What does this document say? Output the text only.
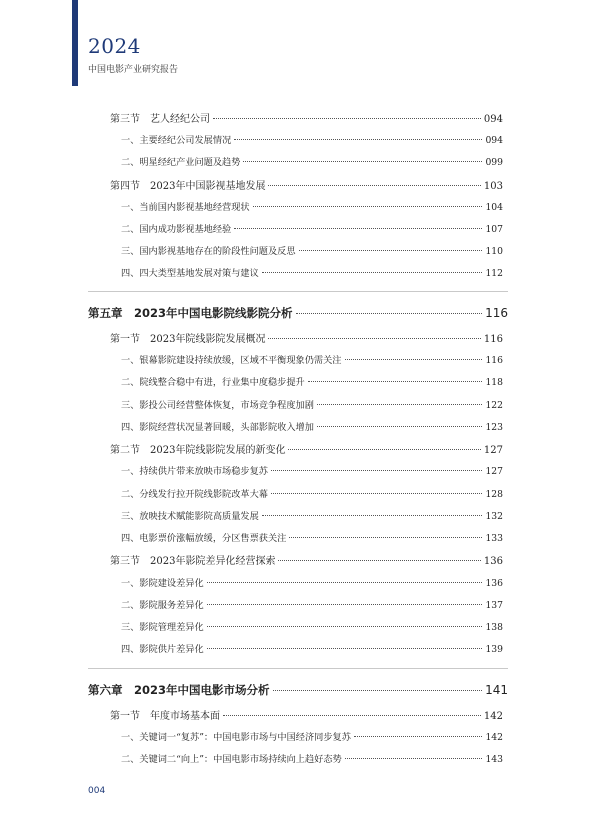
2024
中国电影产业研究报告
第三节　艺人经纪公司	094
一、主要经纪公司发展情况	094
二、明星经纪产业问题及趋势	099
第四节　2023年中国影视基地发展	103
一、当前国内影视基地经营现状	104
二、国内成功影视基地经验	107
三、国内影视基地存在的阶段性问题及反思	110
四、四大类型基地发展对策与建议	112
第五章　2023年中国电影院线影院分析	116
第一节　2023年院线影院发展概况	116
一、银幕影院建设持续放缓，区域不平衡现象仍需关注	116
二、院线整合稳中有进，行业集中度稳步提升	118
三、影投公司经营整体恢复，市场竞争程度加剧	122
四、影院经营状况显著回暖，头部影院收入增加	123
第二节　2023年院线影院发展的新变化	127
一、持续供片带来放映市场稳步复苏	127
二、分线发行拉开院线影院改革大幕	128
三、放映技术赋能影院高质量发展	132
四、电影票价涨幅放缓，分区售票获关注	133
第三节　2023年影院差异化经营探索	136
一、影院建设差异化	136
二、影院服务差异化	137
三、影院管理差异化	138
四、影院供片差异化	139
第六章　2023年中国电影市场分析	141
第一节　年度市场基本面	142
一、关键词一“复苏”：中国电影市场与中国经济同步复苏	142
二、关键词二“向上”：中国电影市场持续向上趋好态势	143
004
